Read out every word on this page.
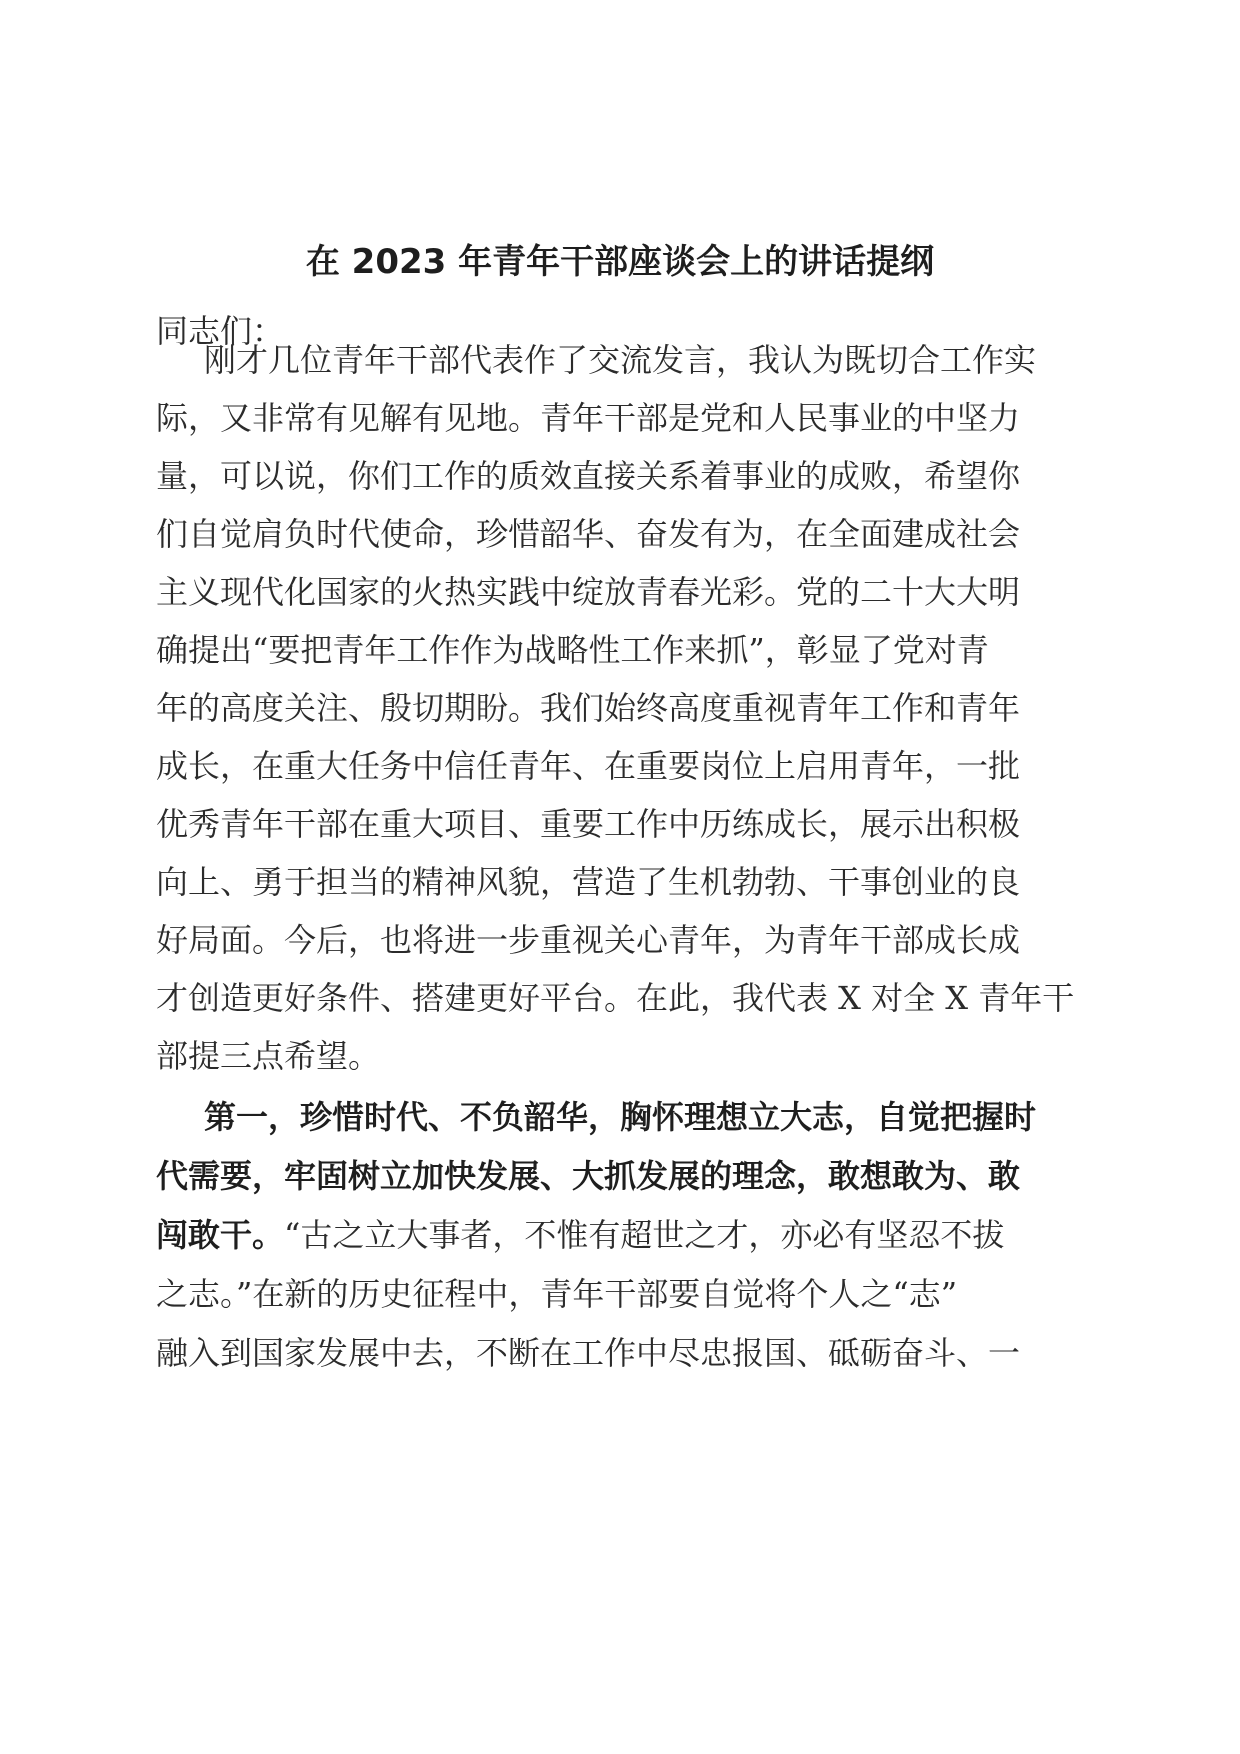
在 2023 年青年干部座谈会上的讲话提纲
同志们：
刚才几位青年干部代表作了交流发言，我认为既切合工作实
际，又非常有见解有见地。青年干部是党和人民事业的中坚力
量，可以说，你们工作的质效直接关系着事业的成败，希望你
们自觉肩负时代使命，珍惜韶华、奋发有为，在全面建成社会
主义现代化国家的火热实践中绽放青春光彩。党的二十大大明
确提出“要把青年工作作为战略性工作来抓”，彰显了党对青
年的高度关注、殷切期盼。我们始终高度重视青年工作和青年
成长，在重大任务中信任青年、在重要岗位上启用青年，一批
优秀青年干部在重大项目、重要工作中历练成长，展示出积极
向上、勇于担当的精神风貌，营造了生机勃勃、干事创业的良
好局面。今后，也将进一步重视关心青年，为青年干部成长成
才创造更好条件、搭建更好平台。在此，我代表 X 对全 X 青年干
部提三点希望。
第一，珍惜时代、不负韶华，胸怀理想立大志，自觉把握时
代需要，牢固树立加快发展、大抓发展的理念，敢想敢为、敢
闯敢干。“古之立大事者，不惟有超世之才，亦必有坚忍不拔
之志。”在新的历史征程中，青年干部要自觉将个人之“志”
融入到国家发展中去，不断在工作中尽忠报国、砥砺奋斗、一
